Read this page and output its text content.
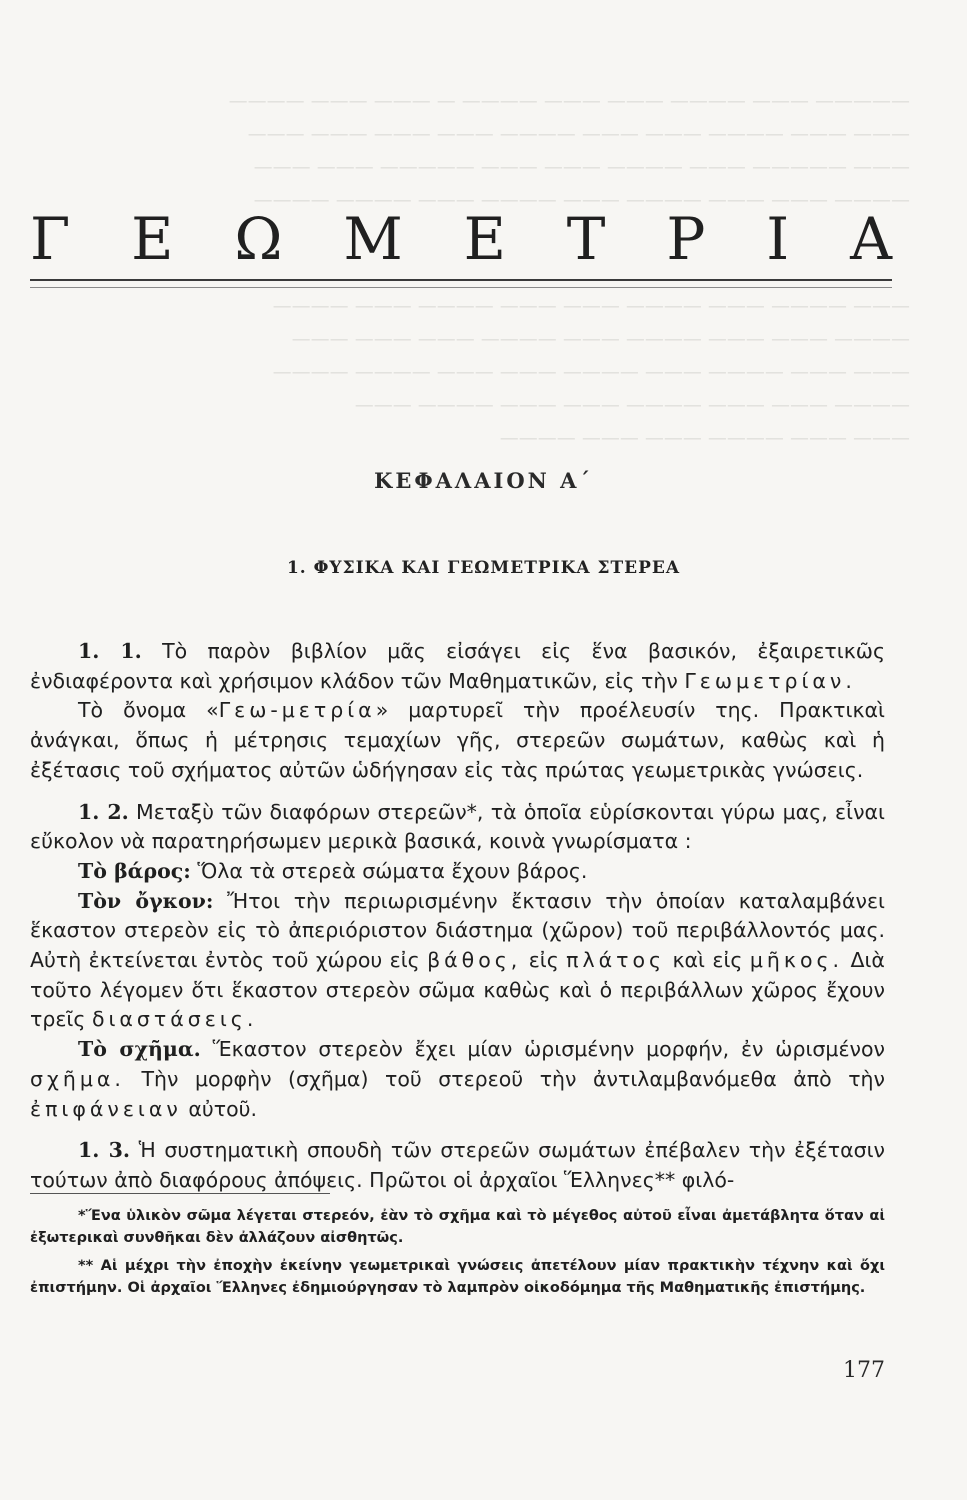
————— ——— ———— ——— ——— ———— — ——— ——— ————
——— ——— ———— ——— ——— ———— ——— ——— ——— ———
——— ————— ——— ———— ——— ——— ————— ——— ———
———— ——— ——— ———— ——— ———— ——— ———— ————
——— ———— ——— ———— ——— ——— ———— ——— ————
———— ——— ——— ———— ——— ———— ——— ——— ———
——— ——— ———— ——— ———— ——— ——— ———— ————
———— ——— ——— ———— ——— ——— ———— ———
——— ——— ———— ——— ——— ————
Γ Ε Ω Μ Ε Τ Ρ Ι Α
ΚΕΦΑΛΑΙΟΝ Α΄
1. ΦΥΣΙΚΑ ΚΑΙ ΓΕΩΜΕΤΡΙΚΑ ΣΤΕΡΕΑ

1. 1. Τὸ παρὸν βιβλίον μᾶς εἰσάγει εἰς ἕνα βασικόν, ἐξαιρετικῶς ἐνδιαφέροντα καὶ χρήσιμον κλάδον τῶν Μαθηματικῶν, εἰς τὴν Γεωμετρίαν.

Τὸ ὄνομα «Γεω-μετρία» μαρτυρεῖ τὴν προέλευσίν της. Πρακτικαὶ ἀνάγκαι, ὅπως ἡ μέτρησις τεμαχίων γῆς, στερεῶν σωμάτων, καθὼς καὶ ἡ ἐξέτασις τοῦ σχήματος αὐτῶν ὡδήγησαν εἰς τὰς πρώτας γεωμετρικὰς γνώσεις.

1. 2. Μεταξὺ τῶν διαφόρων στερεῶν*, τὰ ὁποῖα εὑρίσκονται γύρω μας, εἶναι εὔκολον νὰ παρατηρήσωμεν μερικὰ βασικά, κοινὰ γνωρίσματα :

Τὸ βάρος: Ὅλα τὰ στερεὰ σώματα ἔχουν βάρος.

Τὸν ὄγκον: Ἤτοι τὴν περιωρισμένην ἔκτασιν τὴν ὁποίαν καταλαμβάνει ἕκαστον στερεὸν εἰς τὸ ἀπεριόριστον διάστημα (χῶρον) τοῦ περιβάλλοντός μας. Αὐτὴ ἐκτείνεται ἐντὸς τοῦ χώρου εἰς βάθος, εἰς πλάτος καὶ εἰς μῆκος. Διὰ τοῦτο λέγομεν ὅτι ἕκαστον στερεὸν σῶμα καθὼς καὶ ὁ περιβάλλων χῶρος ἔχουν τρεῖς διαστάσεις.

Τὸ σχῆμα. Ἕκαστον στερεὸν ἔχει μίαν ὡρισμένην μορφήν, ἐν ὡρισμένον σχῆμα. Τὴν μορφὴν (σχῆμα) τοῦ στερεοῦ τὴν ἀντιλαμβανόμεθα ἀπὸ τὴν ἐπιφάνειαν αὐτοῦ.

1. 3. Ἡ συστηματικὴ σπουδὴ τῶν στερεῶν σωμάτων ἐπέβαλεν τὴν ἐξέτασιν τούτων ἀπὸ διαφόρους ἀπόψεις. Πρῶτοι οἱ ἀρχαῖοι Ἕλληνες** φιλό-

*Ἕνα ὑλικὸν σῶμα λέγεται στερεόν, ἐὰν τὸ σχῆμα καὶ τὸ μέγεθος αὐτοῦ εἶναι ἀμετάβλητα ὅταν αἱ ἐξωτερικαὶ συνθῆκαι δὲν ἀλλάζουν αἰσθητῶς.

** Αἱ μέχρι τὴν ἐποχὴν ἐκείνην γεωμετρικαὶ γνώσεις ἀπετέλουν μίαν πρακτικὴν τέχνην καὶ ὄχι ἐπιστήμην. Οἱ ἀρχαῖοι Ἕλληνες ἐδημιούργησαν τὸ λαμπρὸν οἰκοδόμημα τῆς Μαθηματικῆς ἐπιστήμης.

177
